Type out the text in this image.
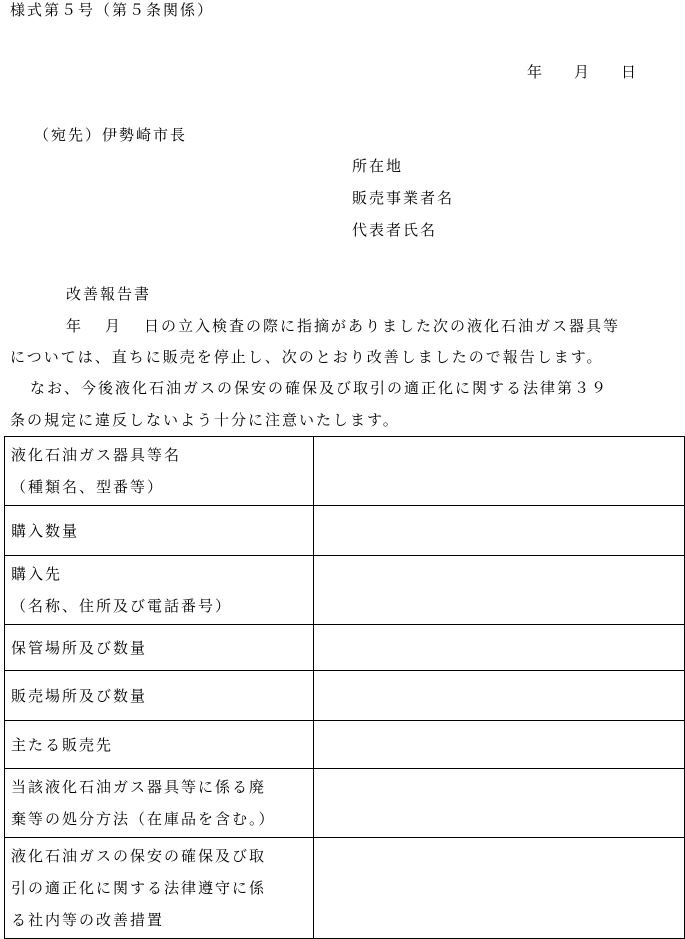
様式第５号（第５条関係）
年 月 日
（宛先）伊勢崎市長
所在地
販売事業者名
代表者氏名
改善報告書
年 月 日の立入検査の際に指摘がありました次の液化石油ガス器具等
については、直ちに販売を停止し、次のとおり改善しましたので報告します。
なお、今後液化石油ガスの保安の確保及び取引の適正化に関する法律第３９
条の規定に違反しないよう十分に注意いたします。
液化石油ガス器具等名
（種類名、型番等）	

購入数量	

購入先
（名称、住所及び電話番号）	

保管場所及び数量	

販売場所及び数量	

主たる販売先	

当該液化石油ガス器具等に係る廃
棄等の処分方法（在庫品を含む。）	

液化石油ガスの保安の確保及び取
引の適正化に関する法律遵守に係
る社内等の改善措置	
